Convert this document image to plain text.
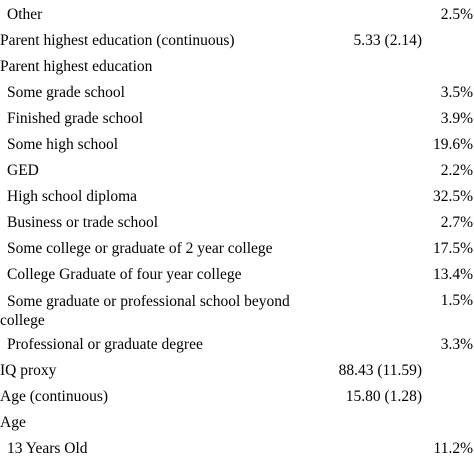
Other	2.5%
Parent highest education (continuous)	5.33 (2.14)
Parent highest education
Some grade school	3.5%
Finished grade school	3.9%
Some high school	19.6%
GED	2.2%
High school diploma	32.5%
Business or trade school	2.7%
Some college or graduate of 2 year college	17.5%
College Graduate of four year college	13.4%
Some graduate or professional school beyond college
1.5%
Professional or graduate degree	3.3%
IQ proxy	88.43 (11.59)
Age (continuous)	15.80 (1.28)
Age
13 Years Old	11.2%
